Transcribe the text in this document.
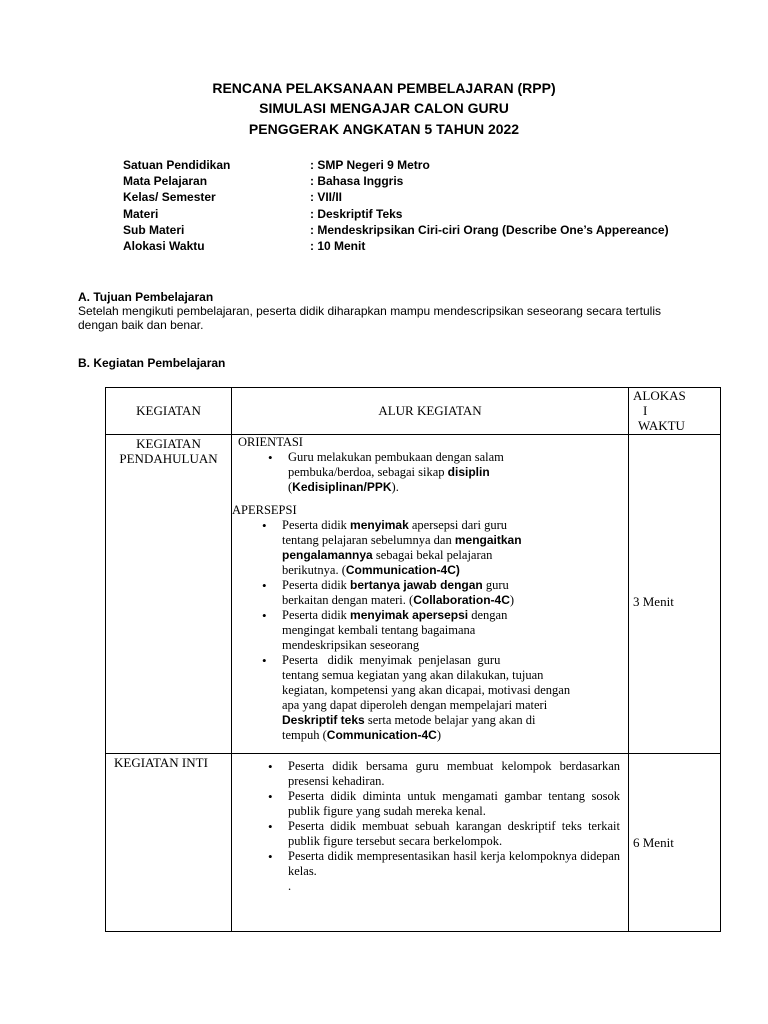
RENCANA PELAKSANAAN PEMBELAJARAN (RPP)
SIMULASI MENGAJAR CALON GURU
PENGGERAK ANGKATAN 5 TAHUN 2022
Satuan Pendidikan	: SMP Negeri 9 Metro
Mata Pelajaran	: Bahasa Inggris
Kelas/ Semester	: VII/II
Materi	: Deskriptif Teks
Sub Materi	: Mendeskripsikan Ciri-ciri Orang (Describe One’s Appereance)
Alokasi Waktu	: 10 Menit
A. Tujuan Pembelajaran
Setelah mengikuti pembelajaran, peserta didik diharapkan mampu mendescripsikan seseorang secara tertulis
dengan baik dan benar.
B. Kegiatan Pembelajaran
KEGIATAN	ALUR KEGIATAN
ALOKAS
I
WAKTU
KEGIATAN
PENDAHULUAN
ORIENTASI
• Guru melakukan pembukaan dengan salam
pembuka/berdoa, sebagai sikap disiplin
(Kedisiplinan/PPK).
APERSEPSI
• Peserta didik menyimak apersepsi dari guru
tentang pelajaran sebelumnya dan mengaitkan
pengalamannya sebagai bekal pelajaran
berikutnya. (Communication-4C)
• Peserta didik bertanya jawab dengan guru
berkaitan dengan materi. (Collaboration-4C)
• Peserta didik menyimak apersepsi dengan
mengingat kembali tentang bagaimana
mendeskripsikan seseorang
• Peserta   didik  menyimak  penjelasan  guru
tentang semua kegiatan yang akan dilakukan, tujuan
kegiatan, kompetensi yang akan dicapai, motivasi dengan
apa yang dapat diperoleh dengan mempelajari materi
Deskriptif teks serta metode belajar yang akan di
tempuh (Communication-4C)
3 Menit
KEGIATAN INTI
•	Peserta didik bersama guru membuat kelompok berdasarkan presensi kehadiran.
• Peserta didik diminta untuk mengamati gambar tentang sosok publik figure yang sudah mereka kenal.
• Peserta didik membuat sebuah karangan deskriptif teks terkait publik figure tersebut secara berkelompok.
• Peserta didik mempresentasikan hasil kerja kelompoknya didepan kelas.
.
6 Menit
